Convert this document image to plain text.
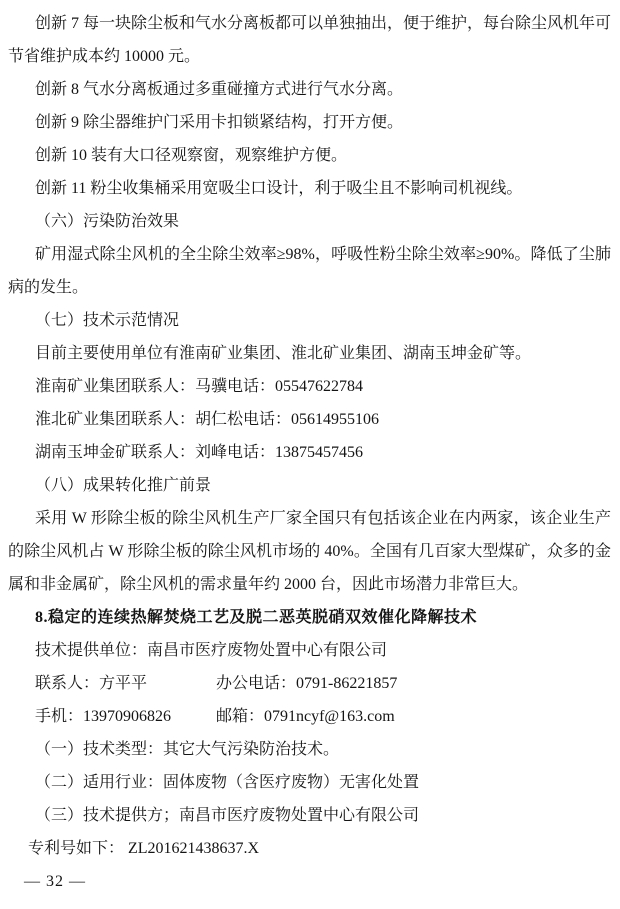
创新 7 每一块除尘板和气水分离板都可以单独抽出，便于维护，每台除尘风机年可节省维护成本约 10000 元。

创新 8 气水分离板通过多重碰撞方式进行气水分离。

创新 9 除尘器维护门采用卡扣锁紧结构，打开方便。

创新 10 装有大口径观察窗，观察维护方便。

创新 11 粉尘收集桶采用宽吸尘口设计，利于吸尘且不影响司机视线。

（六）污染防治效果

矿用湿式除尘风机的全尘除尘效率≥98%，呼吸性粉尘除尘效率≥90%。降低了尘肺病的发生。

（七）技术示范情况

目前主要使用单位有淮南矿业集团、淮北矿业集团、湖南玉坤金矿等。

淮南矿业集团联系人：马骥电话：05547622784

淮北矿业集团联系人：胡仁松电话：05614955106

湖南玉坤金矿联系人：刘峰电话：13875457456

（八）成果转化推广前景

采用 W 形除尘板的除尘风机生产厂家全国只有包括该企业在内两家，该企业生产的除尘风机占 W 形除尘板的除尘风机市场的 40%。全国有几百家大型煤矿，众多的金属和非金属矿，除尘风机的需求量年约 2000 台，因此市场潜力非常巨大。

8.稳定的连续热解焚烧工艺及脱二恶英脱硝双效催化降解技术

技术提供单位：南昌市医疗废物处置中心有限公司

联系人：方平平	办公电话：0791-86221857
手机：13970906826	邮箱：0791ncyf@163.com

（一）技术类型：其它大气污染防治技术。

（二）适用行业：固体废物（含医疗废物）无害化处置

（三）技术提供方；南昌市医疗废物处置中心有限公司

专利号如下： ZL201621438637.X

— 32 —
